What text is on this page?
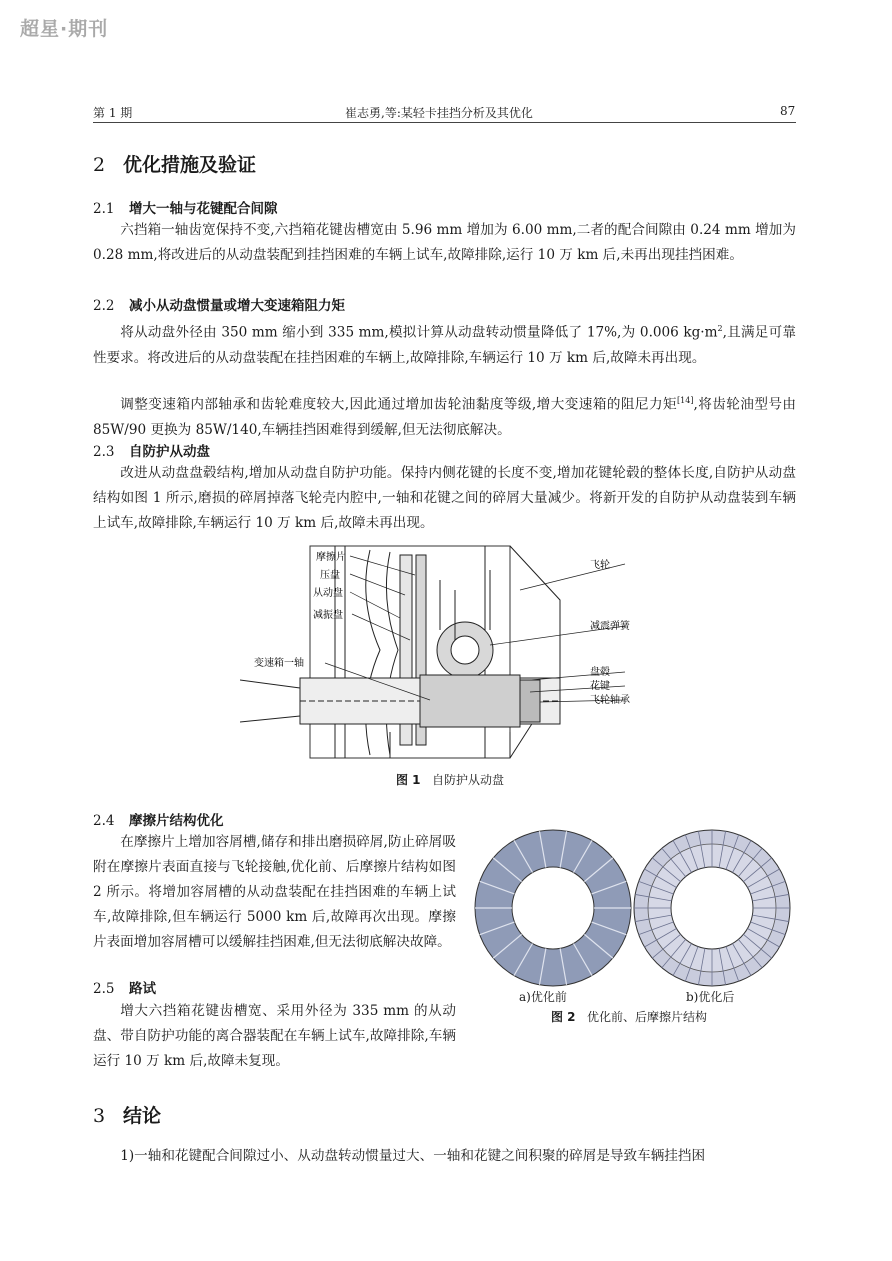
超星·期刊
第 1 期	崔志勇,等:某轻卡挂挡分析及其优化	87
2 优化措施及验证
2.1 增大一轴与花键配合间隙

六挡箱一轴齿宽保持不变,六挡箱花键齿槽宽由 5.96 mm 增加为 6.00 mm,二者的配合间隙由 0.24 mm 增加为 0.28 mm,将改进后的从动盘装配到挂挡困难的车辆上试车,故障排除,运行 10 万 km 后,未再出现挂挡困难。

2.2 减小从动盘惯量或增大变速箱阻力矩

将从动盘外径由 350 mm 缩小到 335 mm,模拟计算从动盘转动惯量降低了 17%,为 0.006 $kg\cdot m^2$,且满足可靠性要求。将改进后的从动盘装配在挂挡困难的车辆上,故障排除,车辆运行 10 万 km 后,故障未再出现。

调整变速箱内部轴承和齿轮难度较大,因此通过增加齿轮油黏度等级,增大变速箱的阻尼力矩[14],将齿轮油型号由 85W/90 更换为 85W/140,车辆挂挡困难得到缓解,但无法彻底解决。

2.3 自防护从动盘

改进从动盘盘毂结构,增加从动盘自防护功能。保持内侧花键的长度不变,增加花键轮毂的整体长度,自防护从动盘结构如图 1 所示,磨损的碎屑掉落飞轮壳内腔中,一轴和花键之间的碎屑大量减少。将新开发的自防护从动盘装到车辆上试车,故障排除,车辆运行 10 万 km 后,故障未再出现。

摩擦片
压盘
从动盘
减振盘
变速箱一轴
飞轮
减震弹簧
盘毂
花键
飞轮轴承
图 1 自防护从动盘
2.4 摩擦片结构优化

在摩擦片上增加容屑槽,储存和排出磨损碎屑,防止碎屑吸附在摩擦片表面直接与飞轮接触,优化前、后摩擦片结构如图 2 所示。将增加容屑槽的从动盘装配在挂挡困难的车辆上试车,故障排除,但车辆运行 5000 km 后,故障再次出现。摩擦片表面增加容屑槽可以缓解挂挡困难,但无法彻底解决故障。

2.5 路试

增大六挡箱花键齿槽宽、采用外径为 335 mm 的从动盘、带自防护功能的离合器装配在车辆上试车,故障排除,车辆运行 10 万 km 后,故障未复现。

a)优化前	b)优化后
图 2 优化前、后摩擦片结构
3 结论

1)一轴和花键配合间隙过小、从动盘转动惯量过大、一轴和花键之间积聚的碎屑是导致车辆挂挡困
